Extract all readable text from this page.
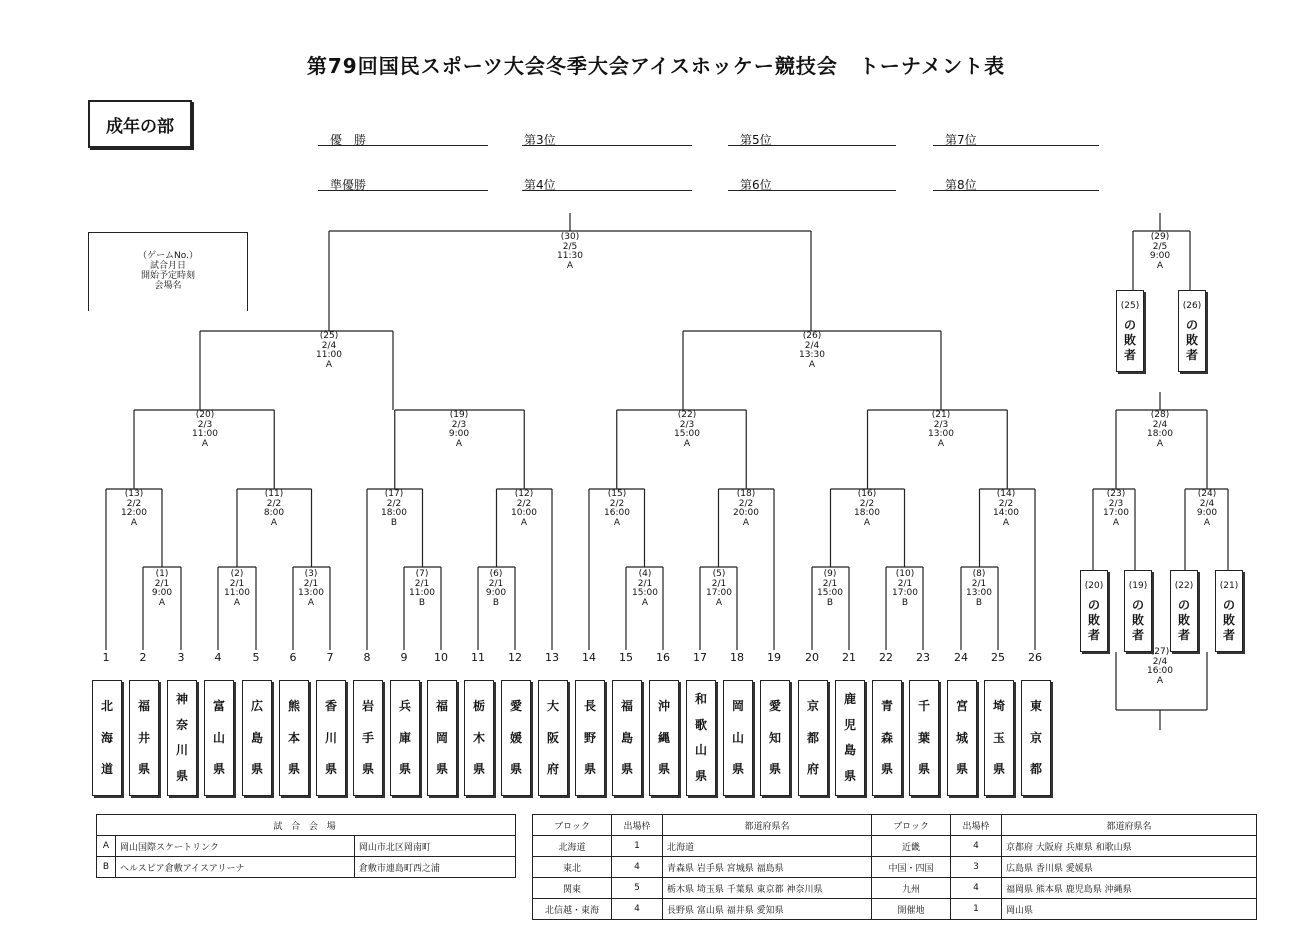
第79回国民スポーツ大会冬季大会アイスホッケー競技会　トーナメント表
成年の部
優　勝
準優勝
第3位
第4位
第5位
第6位
第7位
第8位
（ゲームNo.）
試合月日
開始予定時刻
会場名
1
北
海
道
2
福
井
県
3
神
奈
川
県
4
富
山
県
5
広
島
県
6
熊
本
県
7
香
川
県
8
岩
手
県
9
兵
庫
県
10
福
岡
県
11
栃
木
県
12
愛
媛
県
13
大
阪
府
14
長
野
県
15
福
島
県
16
沖
縄
県
17
和
歌
山
県
18
岡
山
県
19
愛
知
県
20
京
都
府
21
鹿
児
島
県
22
青
森
県
23
千
葉
県
24
宮
城
県
25
埼
玉
県
26
東
京
都
(1)
2/1
9:00
A
(2)
2/1
11:00
A
(3)
2/1
13:00
A
(7)
2/1
11:00
B
(6)
2/1
9:00
B
(4)
2/1
15:00
A
(5)
2/1
17:00
A
(9)
2/1
15:00
B
(10)
2/1
17:00
B
(8)
2/1
13:00
B
(13)
2/2
12:00
A
(11)
2/2
8:00
A
(17)
2/2
18:00
B
(12)
2/2
10:00
A
(15)
2/2
16:00
A
(18)
2/2
20:00
A
(16)
2/2
18:00
A
(14)
2/2
14:00
A
(20)
2/3
11:00
A
(19)
2/3
9:00
A
(22)
2/3
15:00
A
(21)
2/3
13:00
A
(25)
2/4
11:00
A
(26)
2/4
13:30
A
(30)
2/5
11:30
A
(29)
2/5
9:00
A
(28)
2/4
18:00
A
(23)
2/3
17:00
A
(24)
2/4
9:00
A
(27)
2/4
16:00
A
(25)
の
敗
者
(26)
の
敗
者
(20)
の
敗
者
(19)
の
敗
者
(22)
の
敗
者
(21)
の
敗
者
試 合 会 場		
A	岡山国際スケートリンク	岡山市北区岡南町
B	ヘルスピア倉敷アイスアリーナ	倉敷市連島町西之浦
ブロック	出場枠	都道府県名	ブロック	出場枠	都道府県名
北海道	1	北海道	近畿	4	京都府 大阪府 兵庫県 和歌山県
東北	4	青森県 岩手県 宮城県 福島県	中国・四国	3	広島県 香川県 愛媛県
関東	5	栃木県 埼玉県 千葉県 東京都 神奈川県	九州	4	福岡県 熊本県 鹿児島県 沖縄県
北信越・東海	4	長野県 富山県 福井県 愛知県	開催地	1	岡山県
